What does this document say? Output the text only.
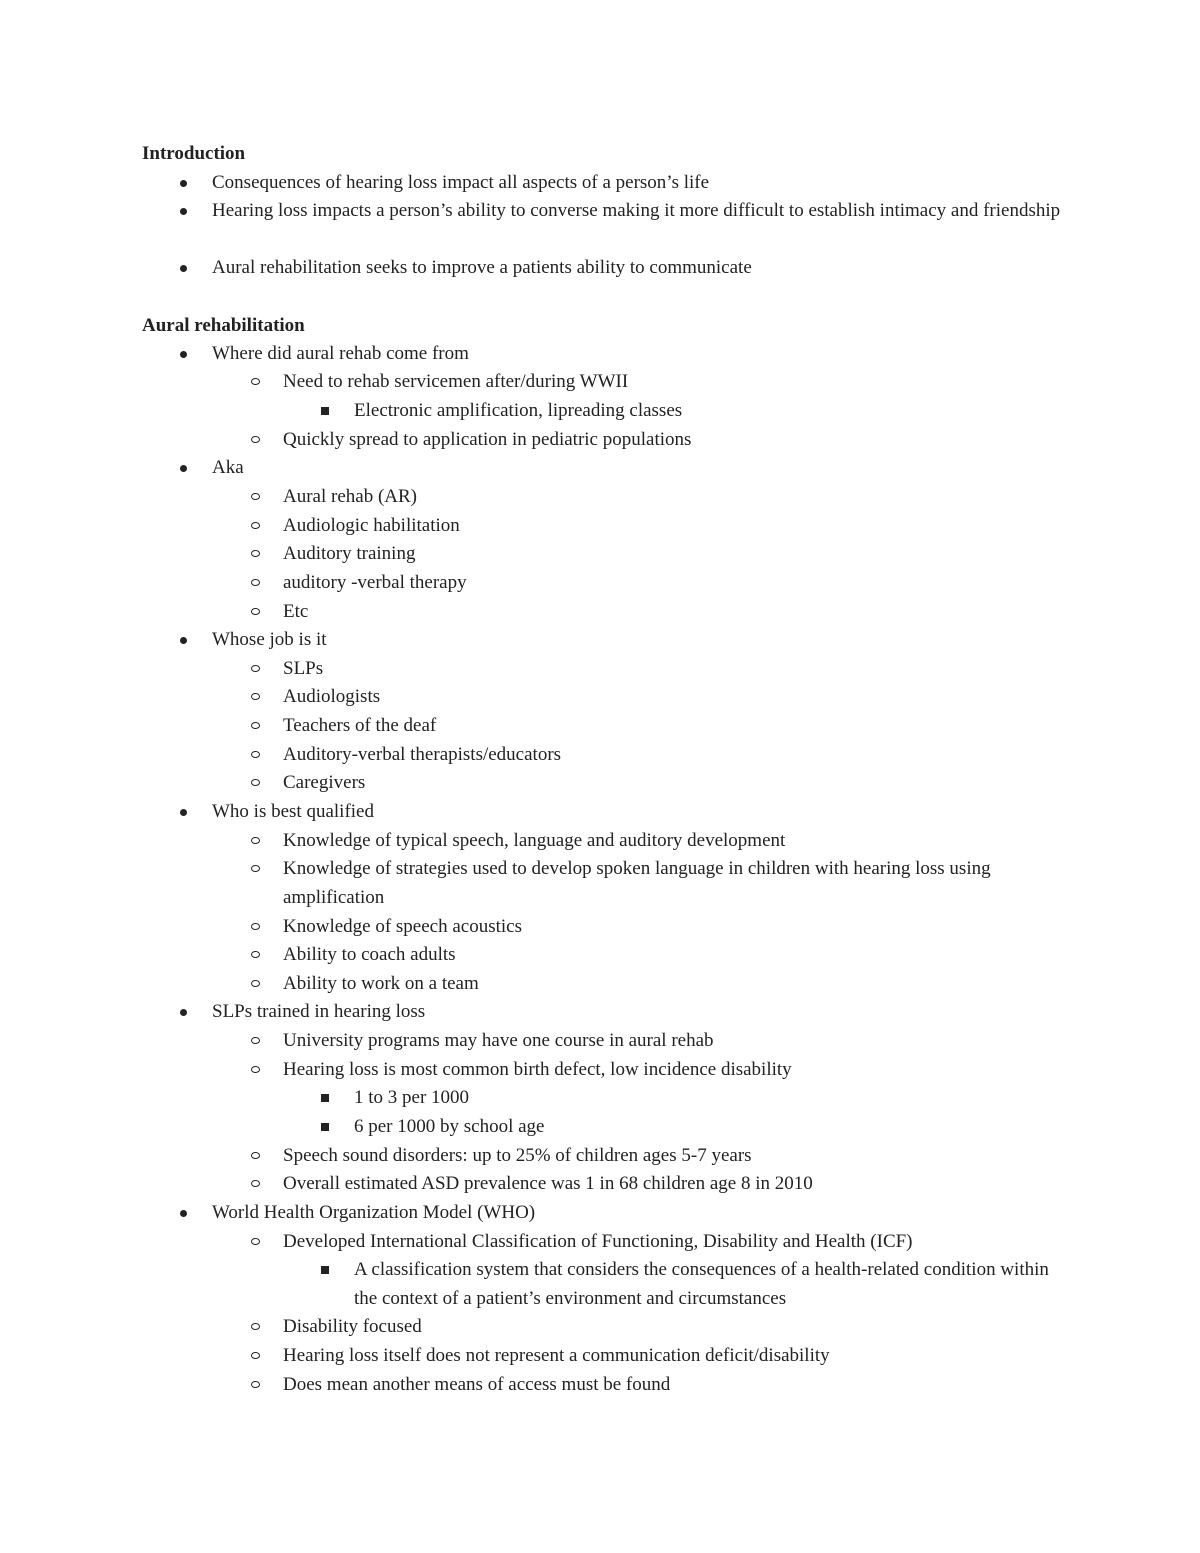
Introduction
Consequences of hearing loss impact all aspects of a person’s life
Hearing loss impacts a person’s ability to converse making it more difficult to establish intimacy and friendship
Aural rehabilitation seeks to improve a patients ability to communicate
Aural rehabilitation
Where did aural rehab come from
Need to rehab servicemen after/during WWII
Electronic amplification, lipreading classes
Quickly spread to application in pediatric populations
Aka
Aural rehab (AR)
Audiologic habilitation
Auditory training
auditory -verbal therapy
Etc
Whose job is it
SLPs
Audiologists
Teachers of the deaf
Auditory-verbal therapists/educators
Caregivers
Who is best qualified
Knowledge of typical speech, language and auditory development
Knowledge of strategies used to develop spoken language in children with hearing loss using amplification
Knowledge of speech acoustics
Ability to coach adults
Ability to work on a team
SLPs trained in hearing loss
University programs may have one course in aural rehab
Hearing loss is most common birth defect, low incidence disability
1 to 3 per 1000
6 per 1000 by school age
Speech sound disorders: up to 25% of children ages 5-7 years
Overall estimated ASD prevalence was 1 in 68 children age 8 in 2010
World Health Organization Model (WHO)
Developed International Classification of Functioning, Disability and Health (ICF)
A classification system that considers the consequences of a health-related condition within the context of a patient’s environment and circumstances
Disability focused
Hearing loss itself does not represent a communication deficit/disability
Does mean another means of access must be found
